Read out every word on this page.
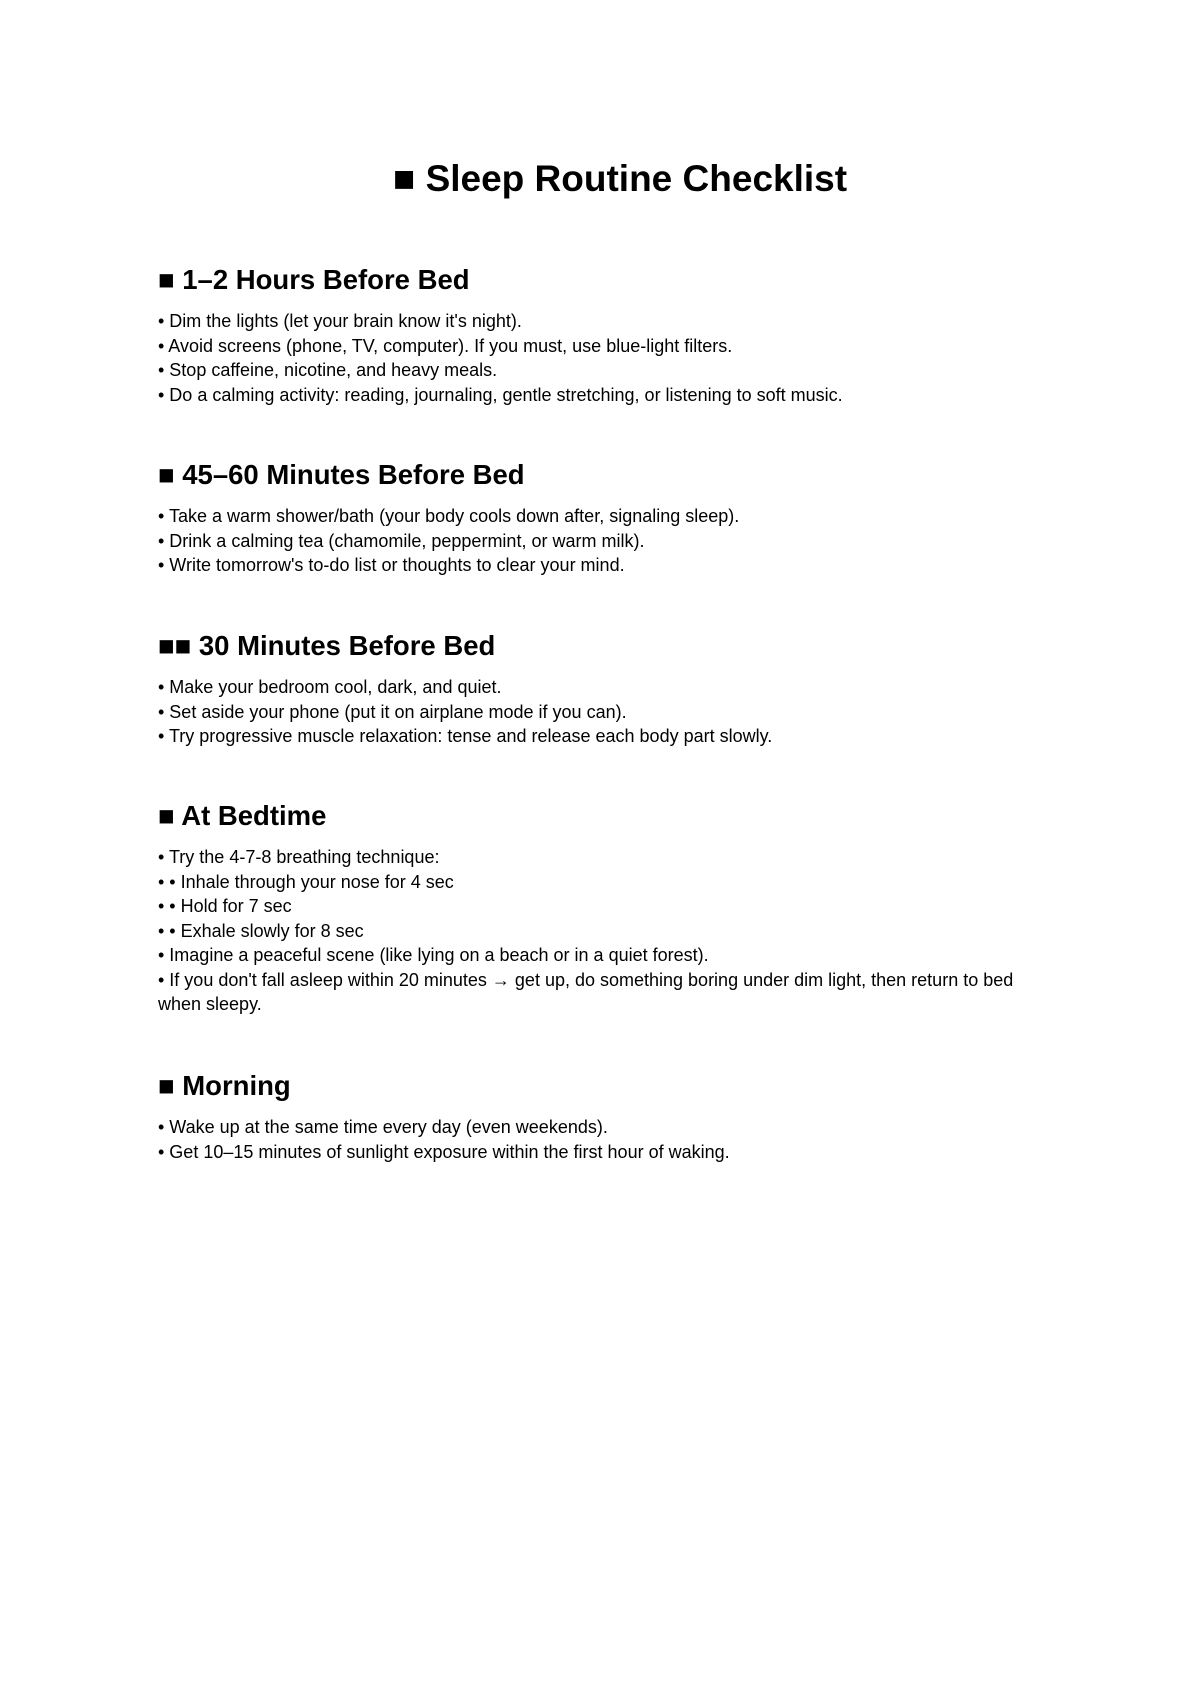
■ Sleep Routine Checklist
■ 1–2 Hours Before Bed
• Dim the lights (let your brain know it's night).
• Avoid screens (phone, TV, computer). If you must, use blue-light filters.
• Stop caffeine, nicotine, and heavy meals.
• Do a calming activity: reading, journaling, gentle stretching, or listening to soft music.
■ 45–60 Minutes Before Bed
• Take a warm shower/bath (your body cools down after, signaling sleep).
• Drink a calming tea (chamomile, peppermint, or warm milk).
• Write tomorrow's to-do list or thoughts to clear your mind.
■■ 30 Minutes Before Bed
• Make your bedroom cool, dark, and quiet.
• Set aside your phone (put it on airplane mode if you can).
• Try progressive muscle relaxation: tense and release each body part slowly.
■ At Bedtime
• Try the 4-7-8 breathing technique:
• • Inhale through your nose for 4 sec
• • Hold for 7 sec
• • Exhale slowly for 8 sec
• Imagine a peaceful scene (like lying on a beach or in a quiet forest).
• If you don't fall asleep within 20 minutes → get up, do something boring under dim light, then return to bed when sleepy.
■ Morning
• Wake up at the same time every day (even weekends).
• Get 10–15 minutes of sunlight exposure within the first hour of waking.
